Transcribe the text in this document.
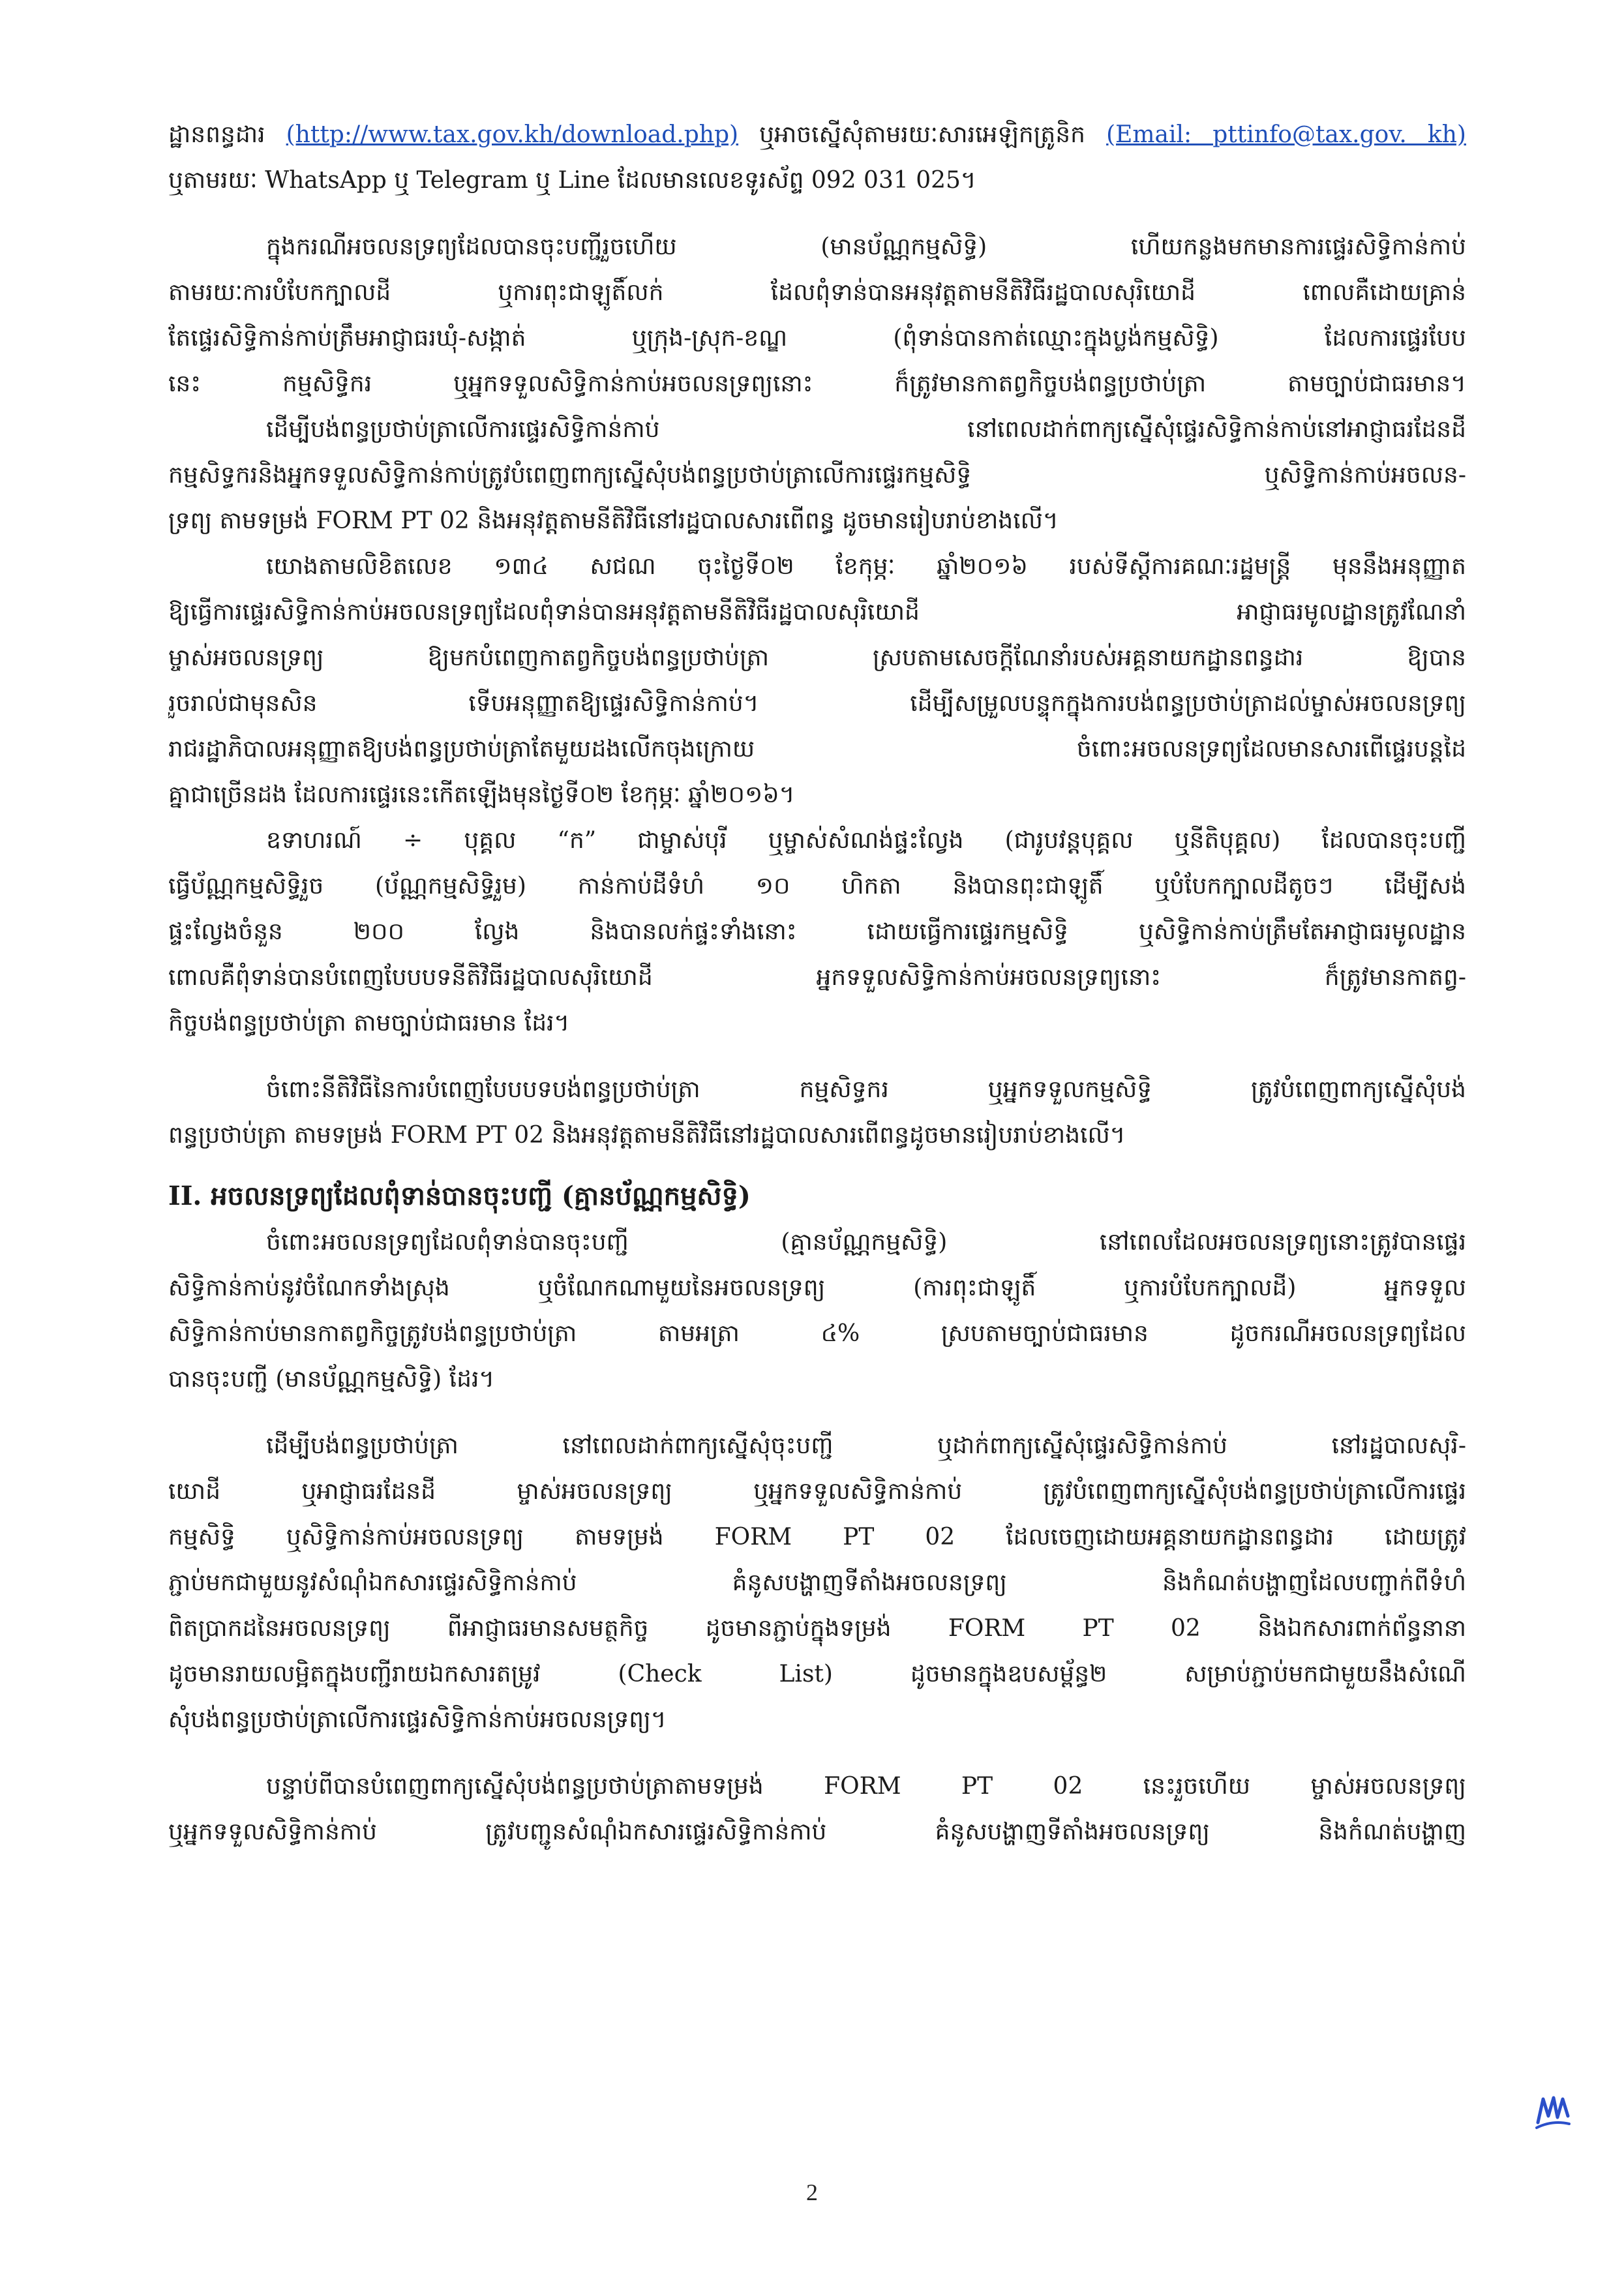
ដ្ឋានពន្ធដារ (http://www.tax.gov.kh/download.php) ឬអាចស្នើសុំតាមរយៈសារអេឡិកត្រូនិក (Email: pttinfo@tax.gov. kh)
ឬតាមរយៈ WhatsApp ឬ Telegram ឬ Line ដែលមានលេខទូរស័ព្ទ 092 031 025។
ក្នុងករណីអចលនទ្រព្យដែលបានចុះបញ្ជីរួចហើយ (មានប័ណ្ណកម្មសិទ្ធិ) ហើយកន្លងមកមានការផ្ទេរសិទ្ធិកាន់កាប់
តាមរយៈការបំបែកក្បាលដី ឬការពុះជាឡូតិ៍លក់ ដែលពុំទាន់បានអនុវត្តតាមនីតិវិធីរដ្ឋបាលសុរិយោដី ពោលគឺដោយគ្រាន់
តែផ្ទេរសិទ្ធិកាន់កាប់ត្រឹមអាជ្ញាធរឃុំ-សង្កាត់ ឬក្រុង-ស្រុក-ខណ្ឌ (ពុំទាន់បានកាត់ឈ្មោះក្នុងប្លង់កម្មសិទ្ធិ) ដែលការផ្ទេរបែប
នេះ កម្មសិទ្ធិករ ឬអ្នកទទួលសិទ្ធិកាន់កាប់អចលនទ្រព្យនោះ ក៏ត្រូវមានកាតព្វកិច្ចបង់ពន្ធប្រថាប់ត្រា តាមច្បាប់ជាធរមាន។
ដើម្បីបង់ពន្ធប្រថាប់ត្រាលើការផ្ទេរសិទ្ធិកាន់កាប់ នៅពេលដាក់ពាក្យស្នើសុំផ្ទេរសិទ្ធិកាន់កាប់នៅអាជ្ញាធរដែនដី
កម្មសិទ្ធករនិងអ្នកទទួលសិទ្ធិកាន់កាប់ត្រូវបំពេញពាក្យស្នើសុំបង់ពន្ធប្រថាប់ត្រាលើការផ្ទេរកម្មសិទ្ធិ ឬសិទ្ធិកាន់កាប់អចលន-
ទ្រព្យ តាមទម្រង់ FORM PT 02 និងអនុវត្តតាមនីតិវិធីនៅរដ្ឋបាលសារពើពន្ធ ដូចមានរៀបរាប់ខាងលើ។
យោងតាមលិខិតលេខ ១៣៤ សជណ ចុះថ្ងៃទី០២ ខែកុម្ភៈ ឆ្នាំ២០១៦ របស់ទីស្តីការគណៈរដ្ឋមន្ត្រី មុននឹងអនុញ្ញាត
ឱ្យធ្វើការផ្ទេរសិទ្ធិកាន់កាប់អចលនទ្រព្យដែលពុំទាន់បានអនុវត្តតាមនីតិវិធីរដ្ឋបាលសុរិយោដី អាជ្ញាធរមូលដ្ឋានត្រូវណែនាំ
ម្ចាស់អចលនទ្រព្យ ឱ្យមកបំពេញកាតព្វកិច្ចបង់ពន្ធប្រថាប់ត្រា ស្របតាមសេចក្តីណែនាំរបស់អគ្គនាយកដ្ឋានពន្ធដារ ឱ្យបាន
រួចរាល់ជាមុនសិន ទើបអនុញ្ញាតឱ្យផ្ទេរសិទ្ធិកាន់កាប់។ ដើម្បីសម្រួលបន្ទុកក្នុងការបង់ពន្ធប្រថាប់ត្រាដល់ម្ចាស់អចលនទ្រព្យ
រាជរដ្ឋាភិបាលអនុញ្ញាតឱ្យបង់ពន្ធប្រថាប់ត្រាតែមួយដងលើកចុងក្រោយ ចំពោះអចលនទ្រព្យដែលមានសារពើផ្ទេរបន្តដៃ
គ្នាជាច្រើនដង ដែលការផ្ទេរនេះកើតឡើងមុនថ្ងៃទី០២ ខែកុម្ភៈ ឆ្នាំ២០១៦។
ឧទាហរណ៍ ÷ បុគ្គល “ក” ជាម្ចាស់បុរី ឬម្ចាស់សំណង់ផ្ទះល្វែង (ជារូបវន្តបុគ្គល ឬនីតិបុគ្គល) ដែលបានចុះបញ្ជី
ធ្វើប័ណ្ណកម្មសិទ្ធិរួច (ប័ណ្ណកម្មសិទ្ធិរួម) កាន់កាប់ដីទំហំ ១០ ហិកតា និងបានពុះជាឡូតិ៍ ឬបំបែកក្បាលដីតូចៗ ដើម្បីសង់
ផ្ទះល្វែងចំនួន ២០០ ល្វែង និងបានលក់ផ្ទះទាំងនោះ ដោយធ្វើការផ្ទេរកម្មសិទ្ធិ ឬសិទ្ធិកាន់កាប់ត្រឹមតែអាជ្ញាធរមូលដ្ឋាន
ពោលគឺពុំទាន់បានបំពេញបែបបទនីតិវិធីរដ្ឋបាលសុរិយោដី អ្នកទទួលសិទ្ធិកាន់កាប់អចលនទ្រព្យនោះ ក៏ត្រូវមានកាតព្វ-
កិច្ចបង់ពន្ធប្រថាប់ត្រា តាមច្បាប់ជាធរមាន ដែរ។
ចំពោះនីតិវិធីនៃការបំពេញបែបបទបង់ពន្ធប្រថាប់ត្រា កម្មសិទ្ធករ ឬអ្នកទទួលកម្មសិទ្ធិ ត្រូវបំពេញពាក្យស្នើសុំបង់
ពន្ធប្រថាប់ត្រា តាមទម្រង់ FORM PT 02 និងអនុវត្តតាមនីតិវិធីនៅរដ្ឋបាលសារពើពន្ធដូចមានរៀបរាប់ខាងលើ។
II. អចលនទ្រព្យដែលពុំទាន់បានចុះបញ្ជី (គ្មានប័ណ្ណកម្មសិទ្ធិ)
ចំពោះអចលនទ្រព្យដែលពុំទាន់បានចុះបញ្ជី (គ្មានប័ណ្ណកម្មសិទ្ធិ) នៅពេលដែលអចលនទ្រព្យនោះត្រូវបានផ្ទេរ
សិទ្ធិកាន់កាប់នូវចំណែកទាំងស្រុង ឬចំណែកណាមួយនៃអចលនទ្រព្យ (ការពុះជាឡូតិ៍ ឬការបំបែកក្បាលដី) អ្នកទទួល
សិទ្ធិកាន់កាប់មានកាតព្វកិច្ចត្រូវបង់ពន្ធប្រថាប់ត្រា តាមអត្រា ៤% ស្របតាមច្បាប់ជាធរមាន ដូចករណីអចលនទ្រព្យដែល
បានចុះបញ្ជី (មានប័ណ្ណកម្មសិទ្ធិ) ដែរ។
ដើម្បីបង់ពន្ធប្រថាប់ត្រា នៅពេលដាក់ពាក្យស្នើសុំចុះបញ្ជី ឬដាក់ពាក្យស្នើសុំផ្ទេរសិទ្ធិកាន់កាប់ នៅរដ្ឋបាលសុរិ-
យោដី ឬអាជ្ញាធរដែនដី ម្ចាស់អចលនទ្រព្យ ឬអ្នកទទួលសិទ្ធិកាន់កាប់ ត្រូវបំពេញពាក្យស្នើសុំបង់ពន្ធប្រថាប់ត្រាលើការផ្ទេរ
កម្មសិទ្ធិ ឬសិទ្ធិកាន់កាប់អចលនទ្រព្យ តាមទម្រង់ FORM PT 02 ដែលចេញដោយអគ្គនាយកដ្ឋានពន្ធដារ ដោយត្រូវ
ភ្ជាប់មកជាមួយនូវសំណុំឯកសារផ្ទេរសិទ្ធិកាន់កាប់ គំនូសបង្ហាញទីតាំងអចលនទ្រព្យ និងកំណត់បង្ហាញដែលបញ្ជាក់ពីទំហំ
ពិតប្រាកដនៃអចលនទ្រព្យ ពីអាជ្ញាធរមានសមត្ថកិច្ច ដូចមានភ្ជាប់ក្នុងទម្រង់ FORM PT 02 និងឯកសារពាក់ព័ន្ធនានា
ដូចមានរាយលម្អិតក្នុងបញ្ជីរាយឯកសារតម្រូវ (Check List) ដូចមានក្នុងឧបសម្ព័ន្ធ២ សម្រាប់ភ្ជាប់មកជាមួយនឹងសំណើ
សុំបង់ពន្ធប្រថាប់ត្រាលើការផ្ទេរសិទ្ធិកាន់កាប់អចលនទ្រព្យ។
បន្ទាប់ពីបានបំពេញពាក្យស្នើសុំបង់ពន្ធប្រថាប់ត្រាតាមទម្រង់ FORM PT 02 នេះរួចហើយ ម្ចាស់អចលនទ្រព្យ
ឬអ្នកទទួលសិទ្ធិកាន់កាប់ ត្រូវបញ្ជូនសំណុំឯកសារផ្ទេរសិទ្ធិកាន់កាប់ គំនូសបង្ហាញទីតាំងអចលនទ្រព្យ និងកំណត់បង្ហាញ
2
